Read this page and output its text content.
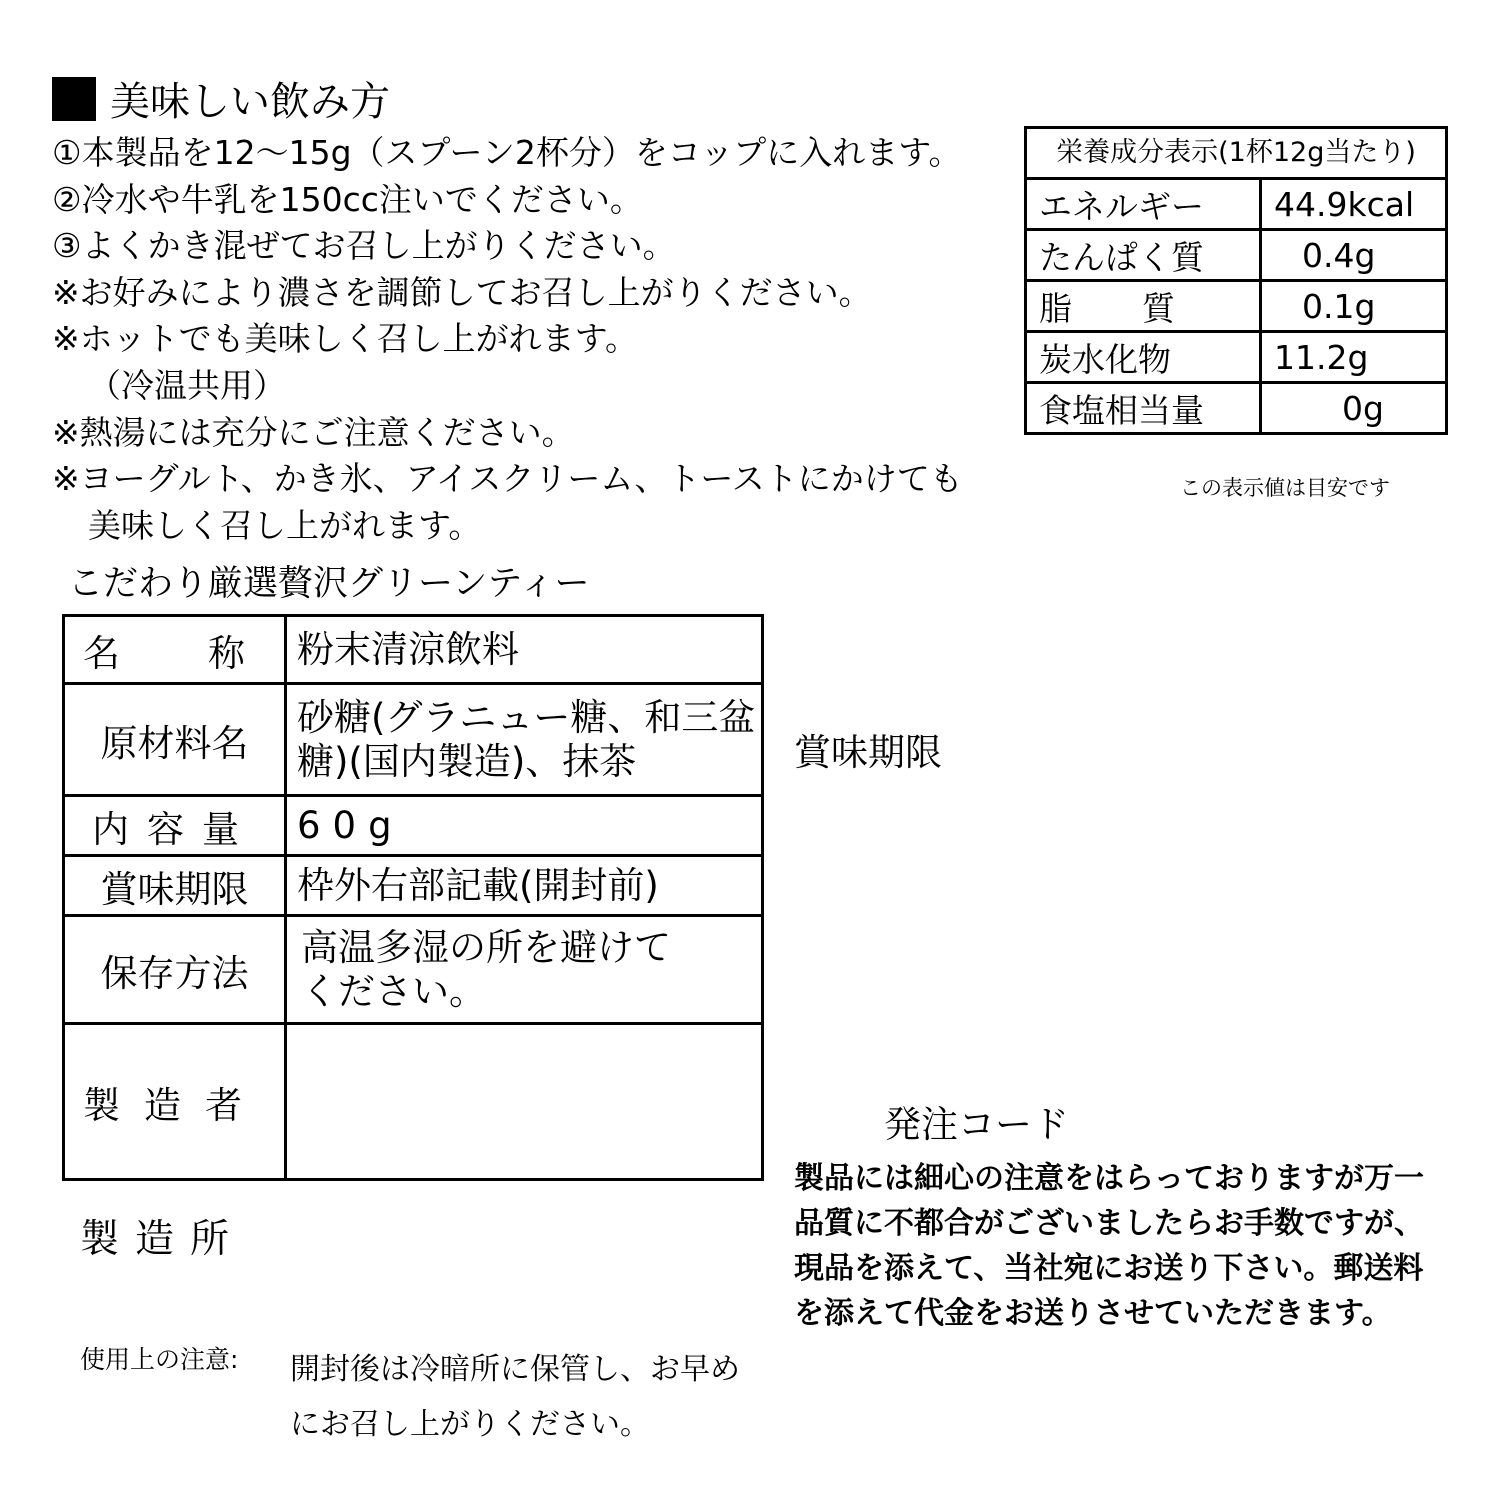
美味しい飲み方
①本製品を12～15g（スプーン2杯分）をコップに入れます。
②冷水や牛乳を150cc注いでください。
③よくかき混ぜてお召し上がりください。
※お好みにより濃さを調節してお召し上がりください。
※ホットでも美味しく召し上がれます。
（冷温共用）
※熱湯には充分にご注意ください。
※ヨーグルト、かき氷、アイスクリーム、トーストにかけても
美味しく召し上がれます。
栄養成分表示(1杯12g当たり)
エネルギー	44.9kcal
たんぱく質	0.4g

脂質	0.1g
炭水化物	11.2g
食塩相当量	0g
この表示値は目安です
こだわり厳選贅沢グリーンティー
名称	粉末清涼飲料
原材料名	砂糖(グラニュー糖、和三盆
糖)(国内製造)、抹茶

内容量	60g
賞味期限	枠外右部記載(開封前)
保存方法	高温多湿の所を避けて
ください。

製造者	
賞味期限
発注コード
製品には細心の注意をはらっておりますが万一
品質に不都合がございましたらお手数ですが、
現品を添えて、当社宛にお送り下さい。郵送料
を添えて代金をお送りさせていただきます。
製造所
使用上の注意: 開封後は冷暗所に保管し、お早め
にお召し上がりください。
